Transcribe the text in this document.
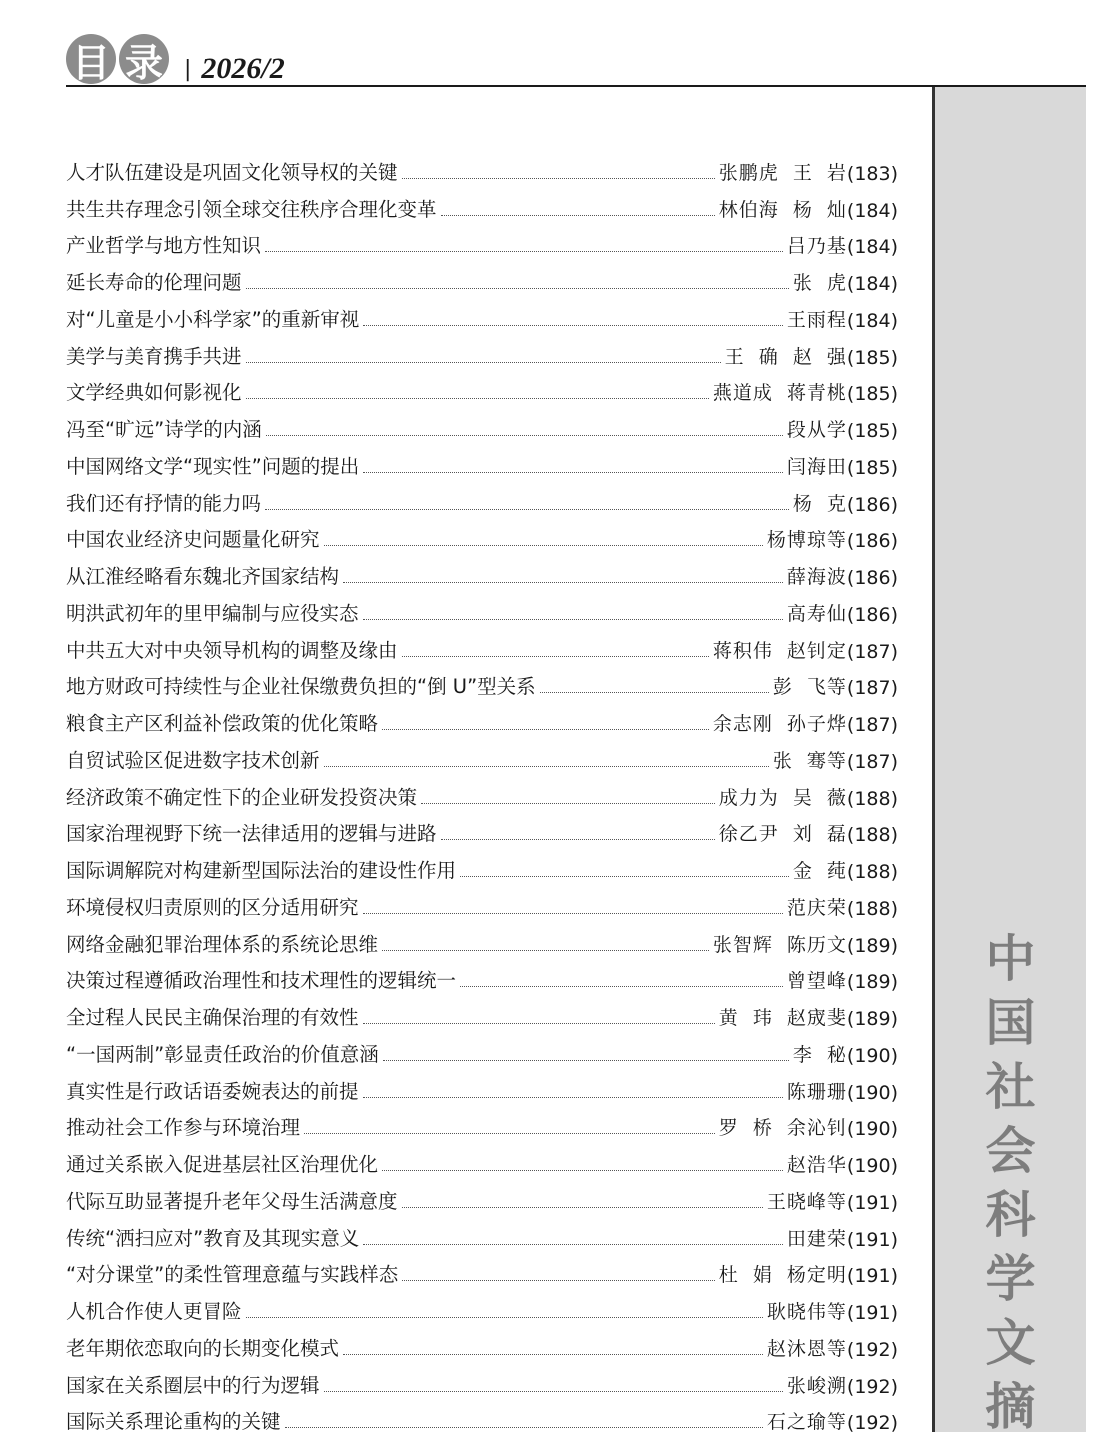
目 录 | 2026/2
中
国
社
会
科
学
文
摘
人才队伍建设是巩固文化领导权的关键	张鹏虎  王  岩 (183)
共生共存理念引领全球交往秩序合理化变革	林伯海  杨  灿 (184)
产业哲学与地方性知识	吕乃基 (184)
延长寿命的伦理问题	张  虎 (184)
对“儿童是小小科学家”的重新审视	王雨程 (184)
美学与美育携手共进	王  确  赵  强 (185)
文学经典如何影视化	燕道成  蒋青桃 (185)
冯至“旷远”诗学的内涵	段从学 (185)
中国网络文学“现实性”问题的提出	闫海田 (185)
我们还有抒情的能力吗	杨  克 (186)
中国农业经济史问题量化研究	杨博琼等 (186)
从江淮经略看东魏北齐国家结构	薛海波 (186)
明洪武初年的里甲编制与应役实态	高寿仙 (186)
中共五大对中央领导机构的调整及缘由	蒋积伟  赵钊定 (187)
地方财政可持续性与企业社保缴费负担的“倒 U”型关系	彭  飞等 (187)
粮食主产区利益补偿政策的优化策略	余志刚  孙子烨 (187)
自贸试验区促进数字技术创新	张  骞等 (187)
经济政策不确定性下的企业研发投资决策	成力为  吴  薇 (188)
国家治理视野下统一法律适用的逻辑与进路	徐乙尹  刘  磊 (188)
国际调解院对构建新型国际法治的建设性作用	金  莼 (188)
环境侵权归责原则的区分适用研究	范庆荣 (188)
网络金融犯罪治理体系的系统论思维	张智辉  陈历文 (189)
决策过程遵循政治理性和技术理性的逻辑统一	曾望峰 (189)
全过程人民民主确保治理的有效性	黄  玮  赵宬斐 (189)
“一国两制”彰显责任政治的价值意涵	李  秘 (190)
真实性是行政话语委婉表达的前提	陈珊珊 (190)
推动社会工作参与环境治理	罗  桥  余沁钊 (190)
通过关系嵌入促进基层社区治理优化	赵浩华 (190)
代际互助显著提升老年父母生活满意度	王晓峰等 (191)
传统“洒扫应对”教育及其现实意义	田建荣 (191)
“对分课堂”的柔性管理意蕴与实践样态	杜  娟  杨定明 (191)
人机合作使人更冒险	耿晓伟等 (191)
老年期依恋取向的长期变化模式	赵沐恩等 (192)
国家在关系圈层中的行为逻辑	张峻溯 (192)
国际关系理论重构的关键	石之瑜等 (192)
